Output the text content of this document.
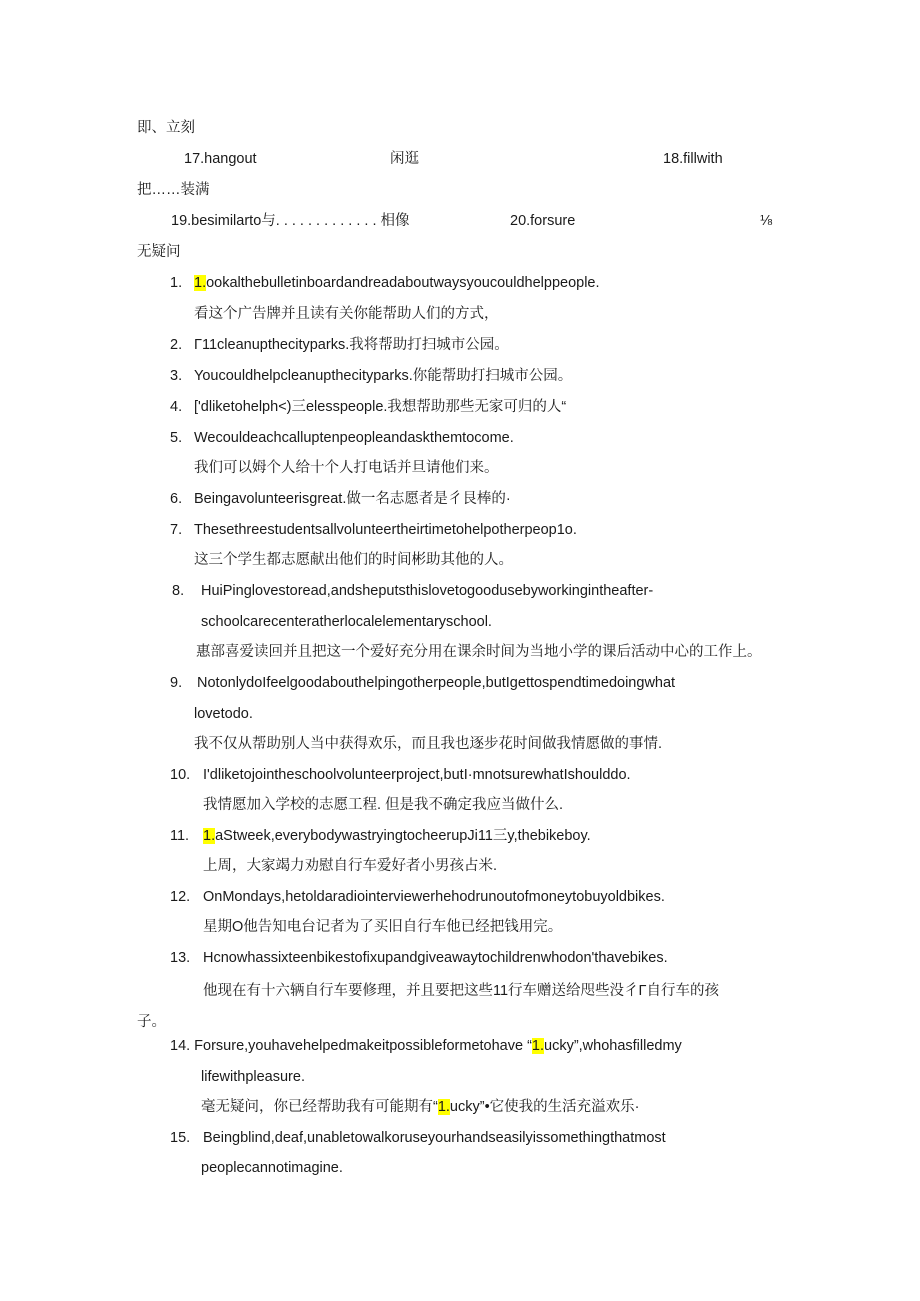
即、立刻
17.hangout	闲逛	18.fillwith
把……装满
19.besimilarto与. . . . . . . . . . . . . 相像	20.forsure	⅛
无疑问
1. 1.ookalthebulletinboardandreadaboutwaysyoucouldhelppeople.
看这个广告牌并且读有关你能帮助人们的方式，
2. Γ11cleanupthecityparks.我将帮助打扫城市公园。
3. Youcouldhelpcleanupthecityparks.你能帮助打扫城市公园。
4. ['dliketohelph<)三elesspeople.我想帮助那些无家可归的人“
5. Wecouldeachcalluptenpeopleandaskthemtocome.
我们可以姆个人给十个人打电话并旦请他们来。
6. Beingavolunteerisgreat.做一名志愿者是彳艮棒的·
7. Thesethreestudentsallvolunteertheirtimetohelpotherpeop1o.
这三个学生都志愿献出他们的时间彬助其他的人。
8. HuiPinglovestoread,andsheputsthislovetogoodusebyworkingintheafter-
schoolcarecenteratherlocalelementaryschool.
惠部喜爱读回并且把这一个爱好充分用在课余时间为当地小学的课后活动中心的工作上。
9. NotonlydoIfeelgoodabouthelpingotherpeople,butIgettospendtimedoingwhat
lovetodo.
我不仅从帮助别人当中获得欢乐，而且我也逐步花时间做我情愿做的事情.
10. I'dliketojointheschoolvolunteerproject,butI·mnotsurewhatIshoulddo.
我情愿加入学校的志愿工程. 但是我不确定我应当做什么.
11. 1.aStweek,everybodywastryingtocheerupJi11三y,thebikeboy.
上周，大家竭力劝慰自行车爱好者小男孩占米.
12. OnMondays,hetoldaradiointerviewerhehodrunoutofmoneytobuyoldbikes.
星期O他告知电台记者为了买旧自行车他已经把钱用完。
13. Hcnowhassixteenbikestofixupandgiveawaytochildrenwhodon'thavebikes.
他现在有十六辆自行车要修理，并且要把这些11行车赠送给咫些没彳Γ自行车的孩
子。
14. Forsure,youhavehelpedmakeitpossibleformetohave “1.ucky”,whohasfilledmy
lifewithpleasure.
毫无疑问，你已经帮助我有可能期有“1.ucky”•它使我的生活充溢欢乐·
15. Beingblind,deaf,unabletowalkoruseyourhandseasilyissomethingthatmost
peoplecannotimagine.
